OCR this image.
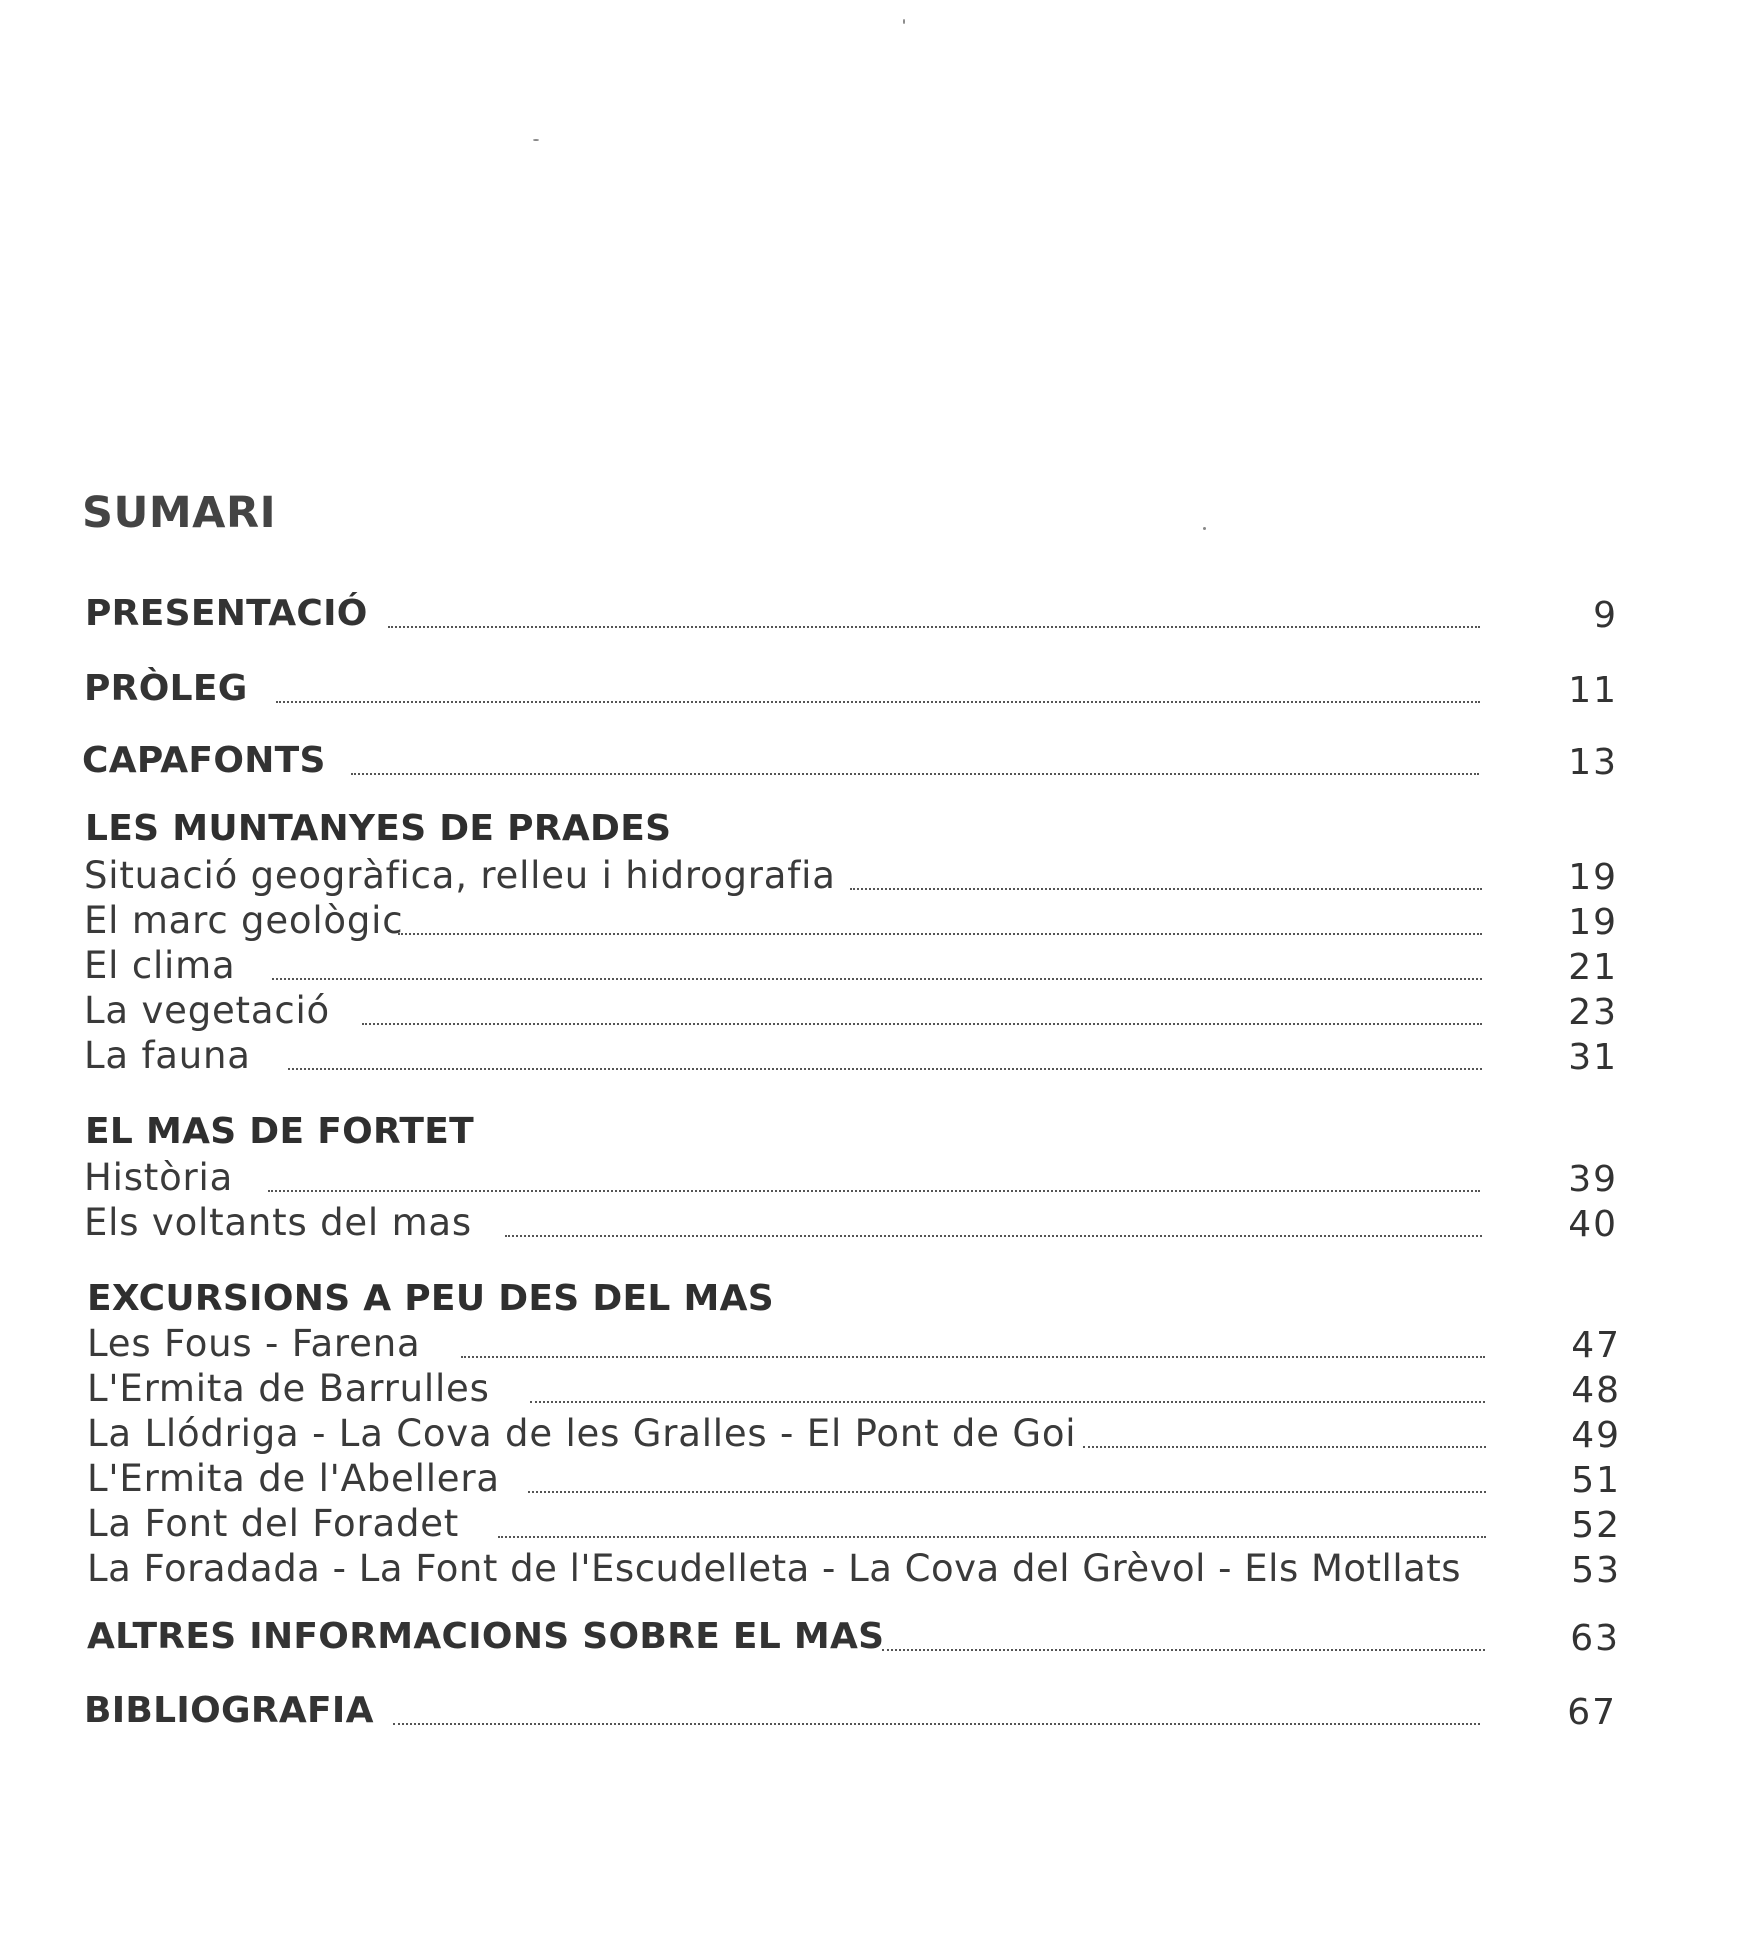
SUMARI
PRESENTACIÓ	9
PRÒLEG	11
CAPAFONTS	13
LES MUNTANYES DE PRADES
Situació geogràfica, relleu i hidrografia	19
El marc geològic	19
El clima	21
La vegetació	23
La fauna	31
EL MAS DE FORTET
Història	39
Els voltants del mas	40
EXCURSIONS A PEU DES DEL MAS
Les Fous - Farena	47
L'Ermita de Barrulles	48
La Llódriga - La Cova de les Gralles - El Pont de Goi	49
L'Ermita de l'Abellera	51
La Font del Foradet	52
La Foradada - La Font de l'Escudelleta - La Cova del Grèvol - Els Motllats	53
ALTRES INFORMACIONS SOBRE EL MAS	63
BIBLIOGRAFIA	67
